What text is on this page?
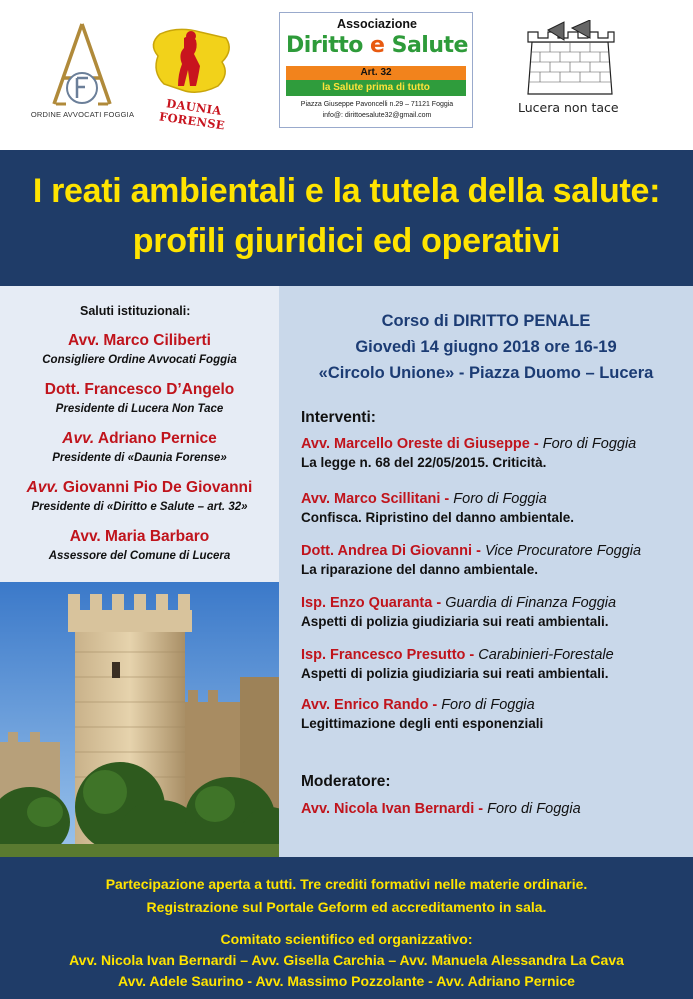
ORDINE AVVOCATI FOGGIA	DAUNIA FORENSE
Associazione
Diritto e Salute
Art. 32
la Salute prima di tutto
Piazza Giuseppe Pavoncelli n.29 – 71121 Foggia
info@: dirittoesalute32@gmail.com
Lucera non tace
I reati ambientali e la tutela della salute:
profili giuridici ed operativi
Saluti istituzionali:
Avv. Marco Ciliberti
Consigliere Ordine Avvocati Foggia
Dott. Francesco D’Angelo
Presidente di Lucera Non Tace
Avv. Adriano Pernice
Presidente di «Daunia Forense»
Avv. Giovanni Pio De Giovanni
Presidente di «Diritto e Salute – art. 32»
Avv. Maria Barbaro
Assessore del Comune di Lucera
Corso di DIRITTO PENALE
Giovedì 14 giugno 2018 ore 16-19
«Circolo Unione» - Piazza Duomo – Lucera
Interventi:
Avv. Marcello Oreste di Giuseppe - Foro di Foggia
La legge n. 68 del 22/05/2015. Criticità.
Avv. Marco Scillitani - Foro di Foggia
Confisca. Ripristino del danno ambientale.
Dott. Andrea Di Giovanni - Vice Procuratore Foggia
La riparazione del danno ambientale.
Isp. Enzo Quaranta - Guardia di Finanza Foggia
Aspetti di polizia giudiziaria sui reati ambientali.
Isp. Francesco Presutto - Carabinieri-Forestale
Aspetti di polizia giudiziaria sui reati ambientali.
Avv. Enrico Rando - Foro di Foggia
Legittimazione degli enti esponenziali
Moderatore:
Avv. Nicola Ivan Bernardi - Foro di Foggia
Partecipazione aperta a tutti. Tre crediti formativi nelle materie ordinarie.
Registrazione sul Portale Geform ed accreditamento in sala.
Comitato scientifico ed organizzativo:
Avv. Nicola Ivan Bernardi – Avv. Gisella Carchia – Avv. Manuela Alessandra La Cava
Avv. Adele Saurino - Avv. Massimo Pozzolante - Avv. Adriano Pernice
